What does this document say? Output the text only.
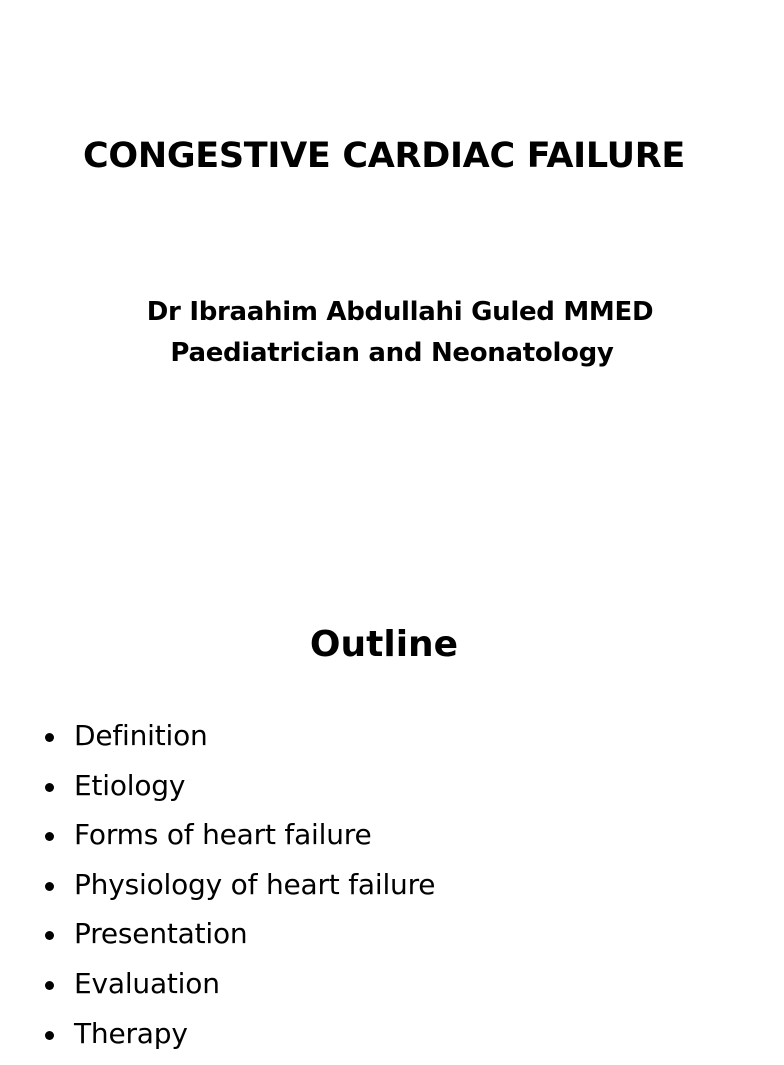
CONGESTIVE CARDIAC FAILURE
Dr Ibraahim Abdullahi Guled MMED
Paediatrician and Neonatology
Outline
Definition
Etiology
Forms of heart failure
Physiology of heart failure
Presentation
Evaluation
Therapy
